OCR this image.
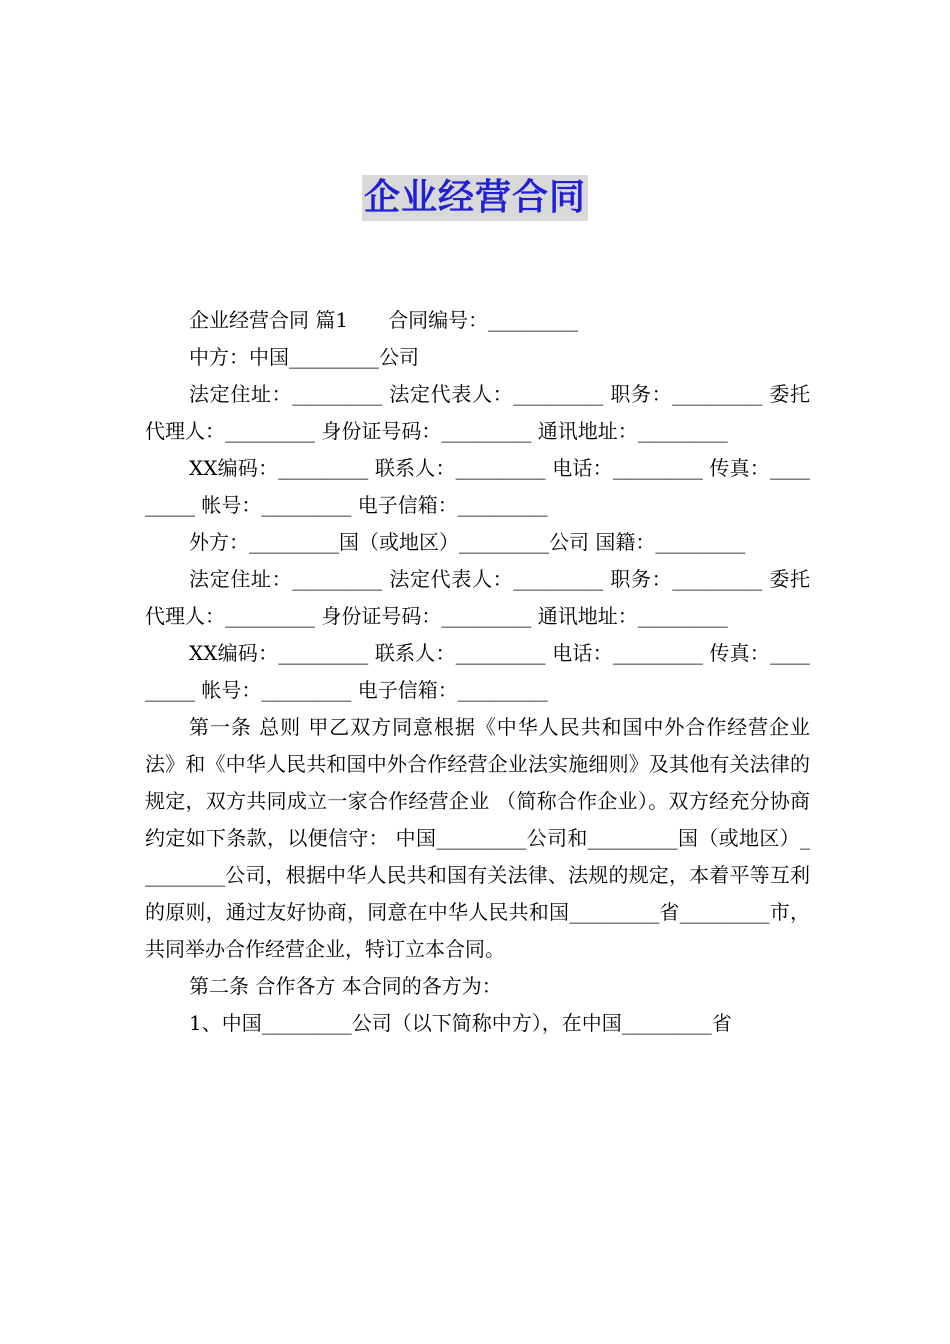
企业经营合同

企业经营合同 篇1　　合同编号：_________

中方：中国_________公司

法定住址：_________ 法定代表人：_________ 职务：_________ 委托代理人：_________ 身份证号码：_________ 通讯地址：_________

XX编码：_________ 联系人：_________ 电话：_________ 传真：_________ 帐号：_________ 电子信箱：_________

外方：_________国（或地区）_________公司 国籍：_________

法定住址：_________ 法定代表人：_________ 职务：_________ 委托代理人：_________ 身份证号码：_________ 通讯地址：_________

XX编码：_________ 联系人：_________ 电话：_________ 传真：_________ 帐号：_________ 电子信箱：_________

第一条 总则 甲乙双方同意根据《中华人民共和国中外合作经营企业法》和《中华人民共和国中外合作经营企业法实施细则》及其他有关法律的规定，双方共同成立一家合作经营企业 （简称合作企业）。双方经充分协商约定如下条款，以便信守： 中国_________公司和_________国（或地区）_________公司，根据中华人民共和国有关法律、法规的规定，本着平等互利的原则，通过友好协商，同意在中华人民共和国_________省_________市，共同举办合作经营企业，特订立本合同。

第二条 合作各方 本合同的各方为：

1、中国_________公司（以下简称中方），在中国_________省
